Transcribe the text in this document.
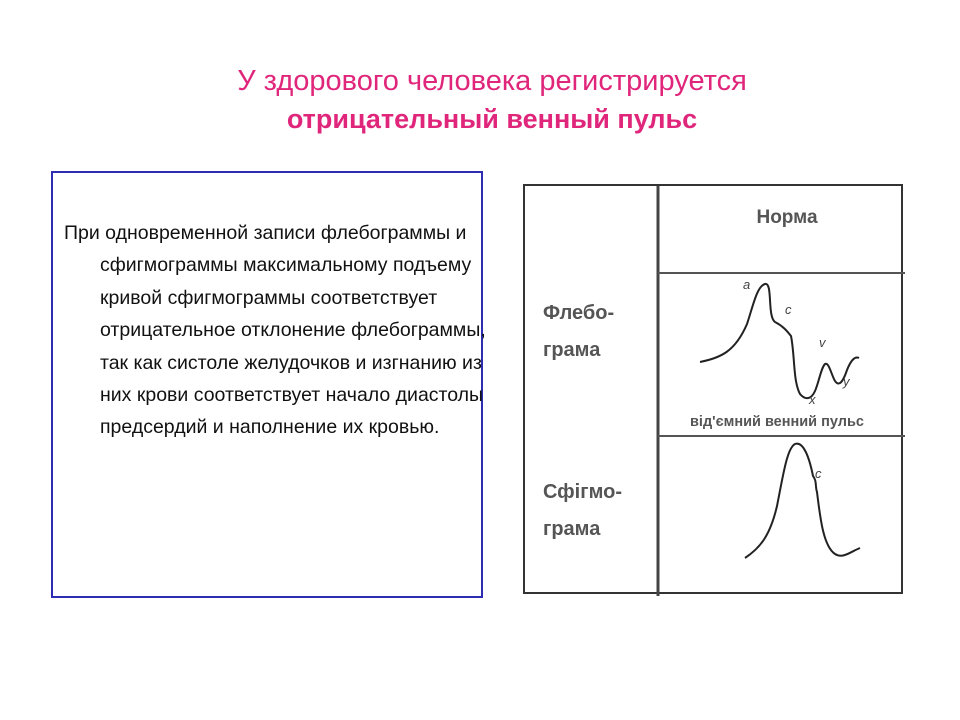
У здорового человека регистрируется
отрицательный венный пульс

При одновременной записи флебограммы и сфигмограммы максимальному подъему кривой сфигмограммы соответствует отрицательное отклонение флебограммы, так как систоле желудочков и изгнанию из них крови соответствует начало диастолы предсердий и наполнение их кровью.

Норма
Флебо-
грама
Сфігмо-
грама
a
c
v
x
y
від'ємний венний пульс
c
